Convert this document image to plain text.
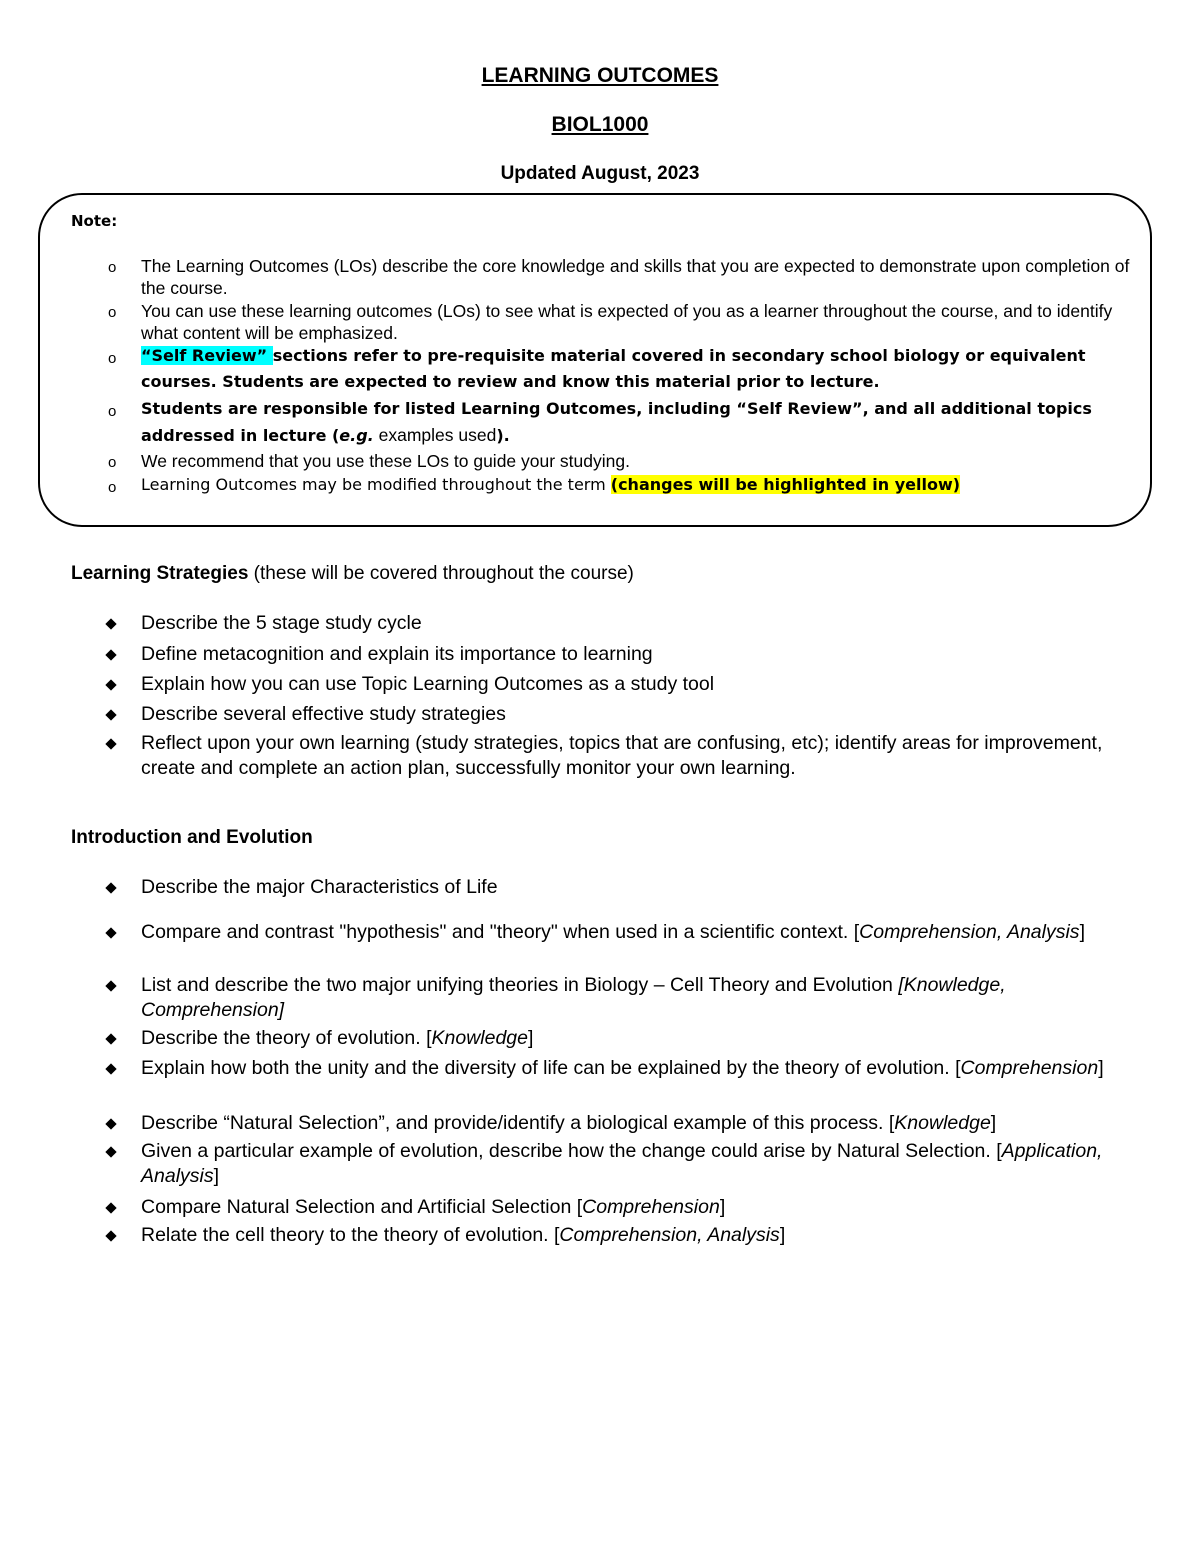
LEARNING OUTCOMES
BIOL1000
Updated August, 2023
Note:
o The Learning Outcomes (LOs) describe the core knowledge and skills that you are expected to demonstrate upon completion of the course.
o You can use these learning outcomes (LOs) to see what is expected of you as a learner throughout the course, and to identify what content will be emphasized.
o “Self Review” sections refer to pre-requisite material covered in secondary school biology or equivalent courses. Students are expected to review and know this material prior to lecture.
o Students are responsible for listed Learning Outcomes, including “Self Review”, and all additional topics addressed in lecture (e.g. examples used).
o We recommend that you use these LOs to guide your studying.
o Learning Outcomes may be modified throughout the term (changes will be highlighted in yellow)
Learning Strategies (these will be covered throughout the course)
Describe the 5 stage study cycle
Define metacognition and explain its importance to learning
Explain how you can use Topic Learning Outcomes as a study tool
Describe several effective study strategies
Reflect upon your own learning (study strategies, topics that are confusing, etc); identify areas for improvement, create and complete an action plan, successfully monitor your own learning.
Introduction and Evolution
Describe the major Characteristics of Life
Compare and contrast "hypothesis" and "theory" when used in a scientific context. [Comprehension, Analysis]
List and describe the two major unifying theories in Biology – Cell Theory and Evolution [Knowledge, Comprehension]
Describe the theory of evolution. [Knowledge]
Explain how both the unity and the diversity of life can be explained by the theory of evolution. [Comprehension]
Describe “Natural Selection”, and provide/identify a biological example of this process. [Knowledge]
Given a particular example of evolution, describe how the change could arise by Natural Selection. [Application, Analysis]
Compare Natural Selection and Artificial Selection [Comprehension]
Relate the cell theory to the theory of evolution. [Comprehension, Analysis]
